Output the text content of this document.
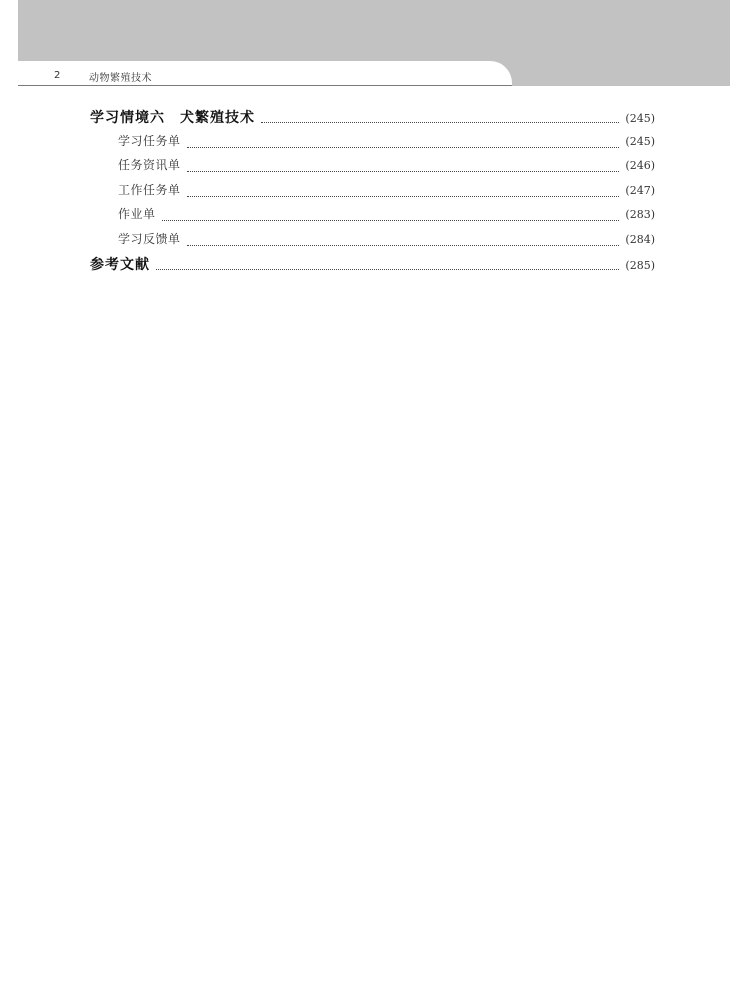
2	动物繁殖技术
学习情境六　犬繁殖技术	(245)
学习任务单	(245)
任务资讯单	(246)
工作任务单	(247)
作业单	(283)
学习反馈单	(284)
参考文献	(285)
